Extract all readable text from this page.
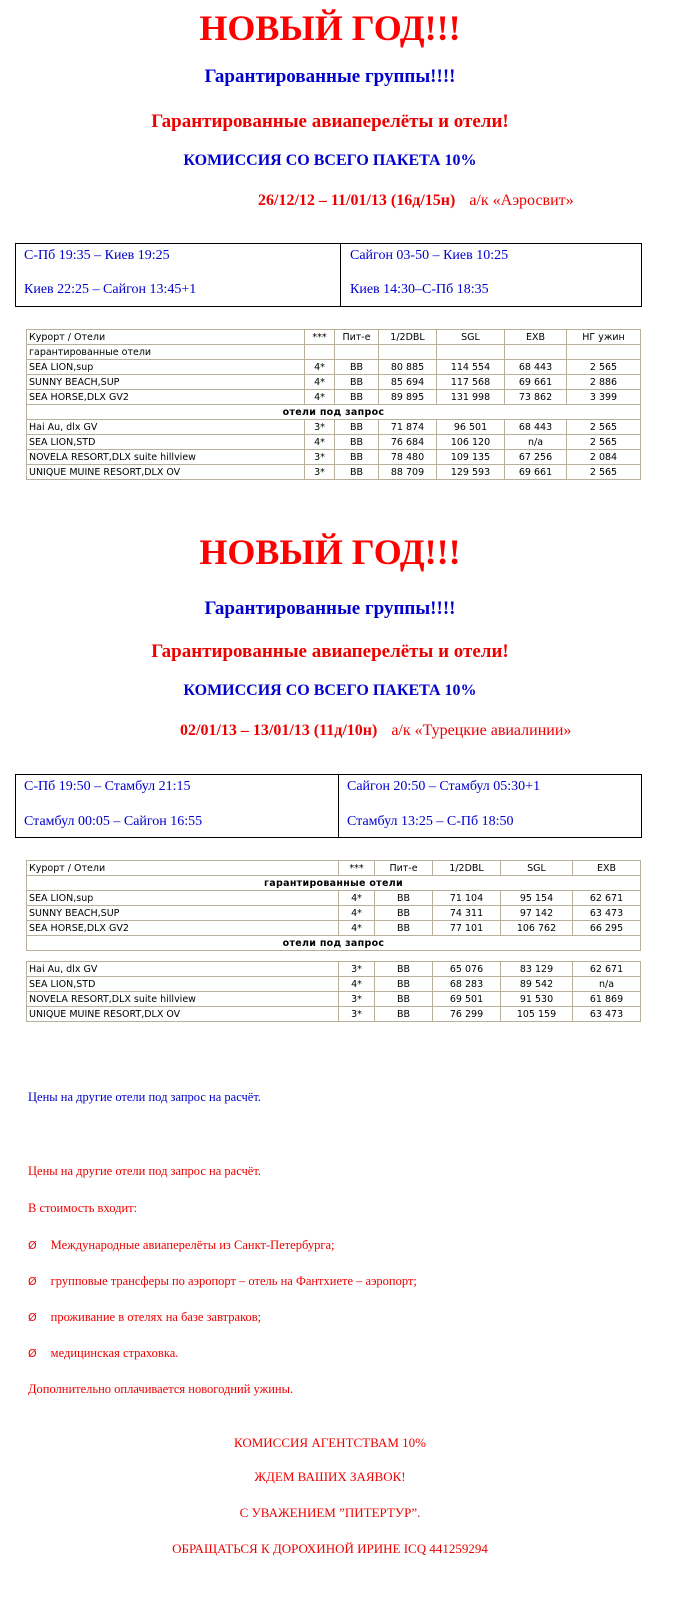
НОВЫЙ ГОД!!!
Гарантированные группы!!!!
Гарантированные авиаперелёты и отели!
КОМИССИЯ СО ВСЕГО ПАКЕТА 10%
26/12/12 – 11/01/13 (16д/15н) а/к «Аэросвит»
С-Пб 19:35 – Киев 19:25
Киев 22:25 – Сайгон 13:45+1
Сайгон 03-50 – Киев 10:25
Киев 14:30–С-Пб 18:35
Курорт / Отели	***	Пит-е	1/2DBL	SGL	EXB	НГ ужин
гарантированные отели						
SEA LION,sup	4*	BB	80 885	114 554	68 443	2 565
SUNNY BEACH,SUP	4*	BB	85 694	117 568	69 661	2 886
SEA HORSE,DLX GV2	4*	BB	89 895	131 998	73 862	3 399
отели под запрос						
Hai Au, dlx GV	3*	BB	71 874	96 501	68 443	2 565
SEA LION,STD	4*	BB	76 684	106 120	n/a	2 565
NOVELA RESORT,DLX suite hillview	3*	BB	78 480	109 135	67 256	2 084
UNIQUE MUINE RESORT,DLX OV	3*	BB	88 709	129 593	69 661	2 565
НОВЫЙ ГОД!!!
Гарантированные группы!!!!
Гарантированные авиаперелёты и отели!
КОМИССИЯ СО ВСЕГО ПАКЕТА 10%
02/01/13 – 13/01/13 (11д/10н) а/к «Турецкие авиалинии»
С-Пб 19:50 – Стамбул 21:15
Стамбул 00:05 – Сайгон 16:55
Сайгон 20:50 – Стамбул 05:30+1
Стамбул 13:25 – С-Пб 18:50
Курорт / Отели	***	Пит-е	1/2DBL	SGL	EXB
гарантированные отели					
SEA LION,sup	4*	BB	71 104	95 154	62 671
SUNNY BEACH,SUP	4*	BB	74 311	97 142	63 473
SEA HORSE,DLX GV2	4*	BB	77 101	106 762	66 295
отели под запрос					

Hai Au, dlx GV	3*	BB	65 076	83 129	62 671
SEA LION,STD	4*	BB	68 283	89 542	n/a
NOVELA RESORT,DLX suite hillview	3*	BB	69 501	91 530	61 869
UNIQUE MUINE RESORT,DLX OV	3*	BB	76 299	105 159	63 473
Цены на другие отели под запрос на расчёт.
Цены на другие отели под запрос на расчёт.
В стоимость входит:
Ø Международные авиаперелёты из Санкт-Петербурга;
Ø групповые трансферы по аэропорт – отель на Фантхиете – аэропорт;
Ø проживание в отелях на базе завтраков;
Ø медицинская страховка.
Дополнительно оплачивается новогодний ужины.
КОМИССИЯ АГЕНТСТВАМ 10%
ЖДЕМ ВАШИХ ЗАЯВОК!
С УВАЖЕНИЕМ ”ПИТЕРТУР”.
ОБРАЩАТЬСЯ К ДОРОХИНОЙ ИРИНЕ ICQ 441259294
